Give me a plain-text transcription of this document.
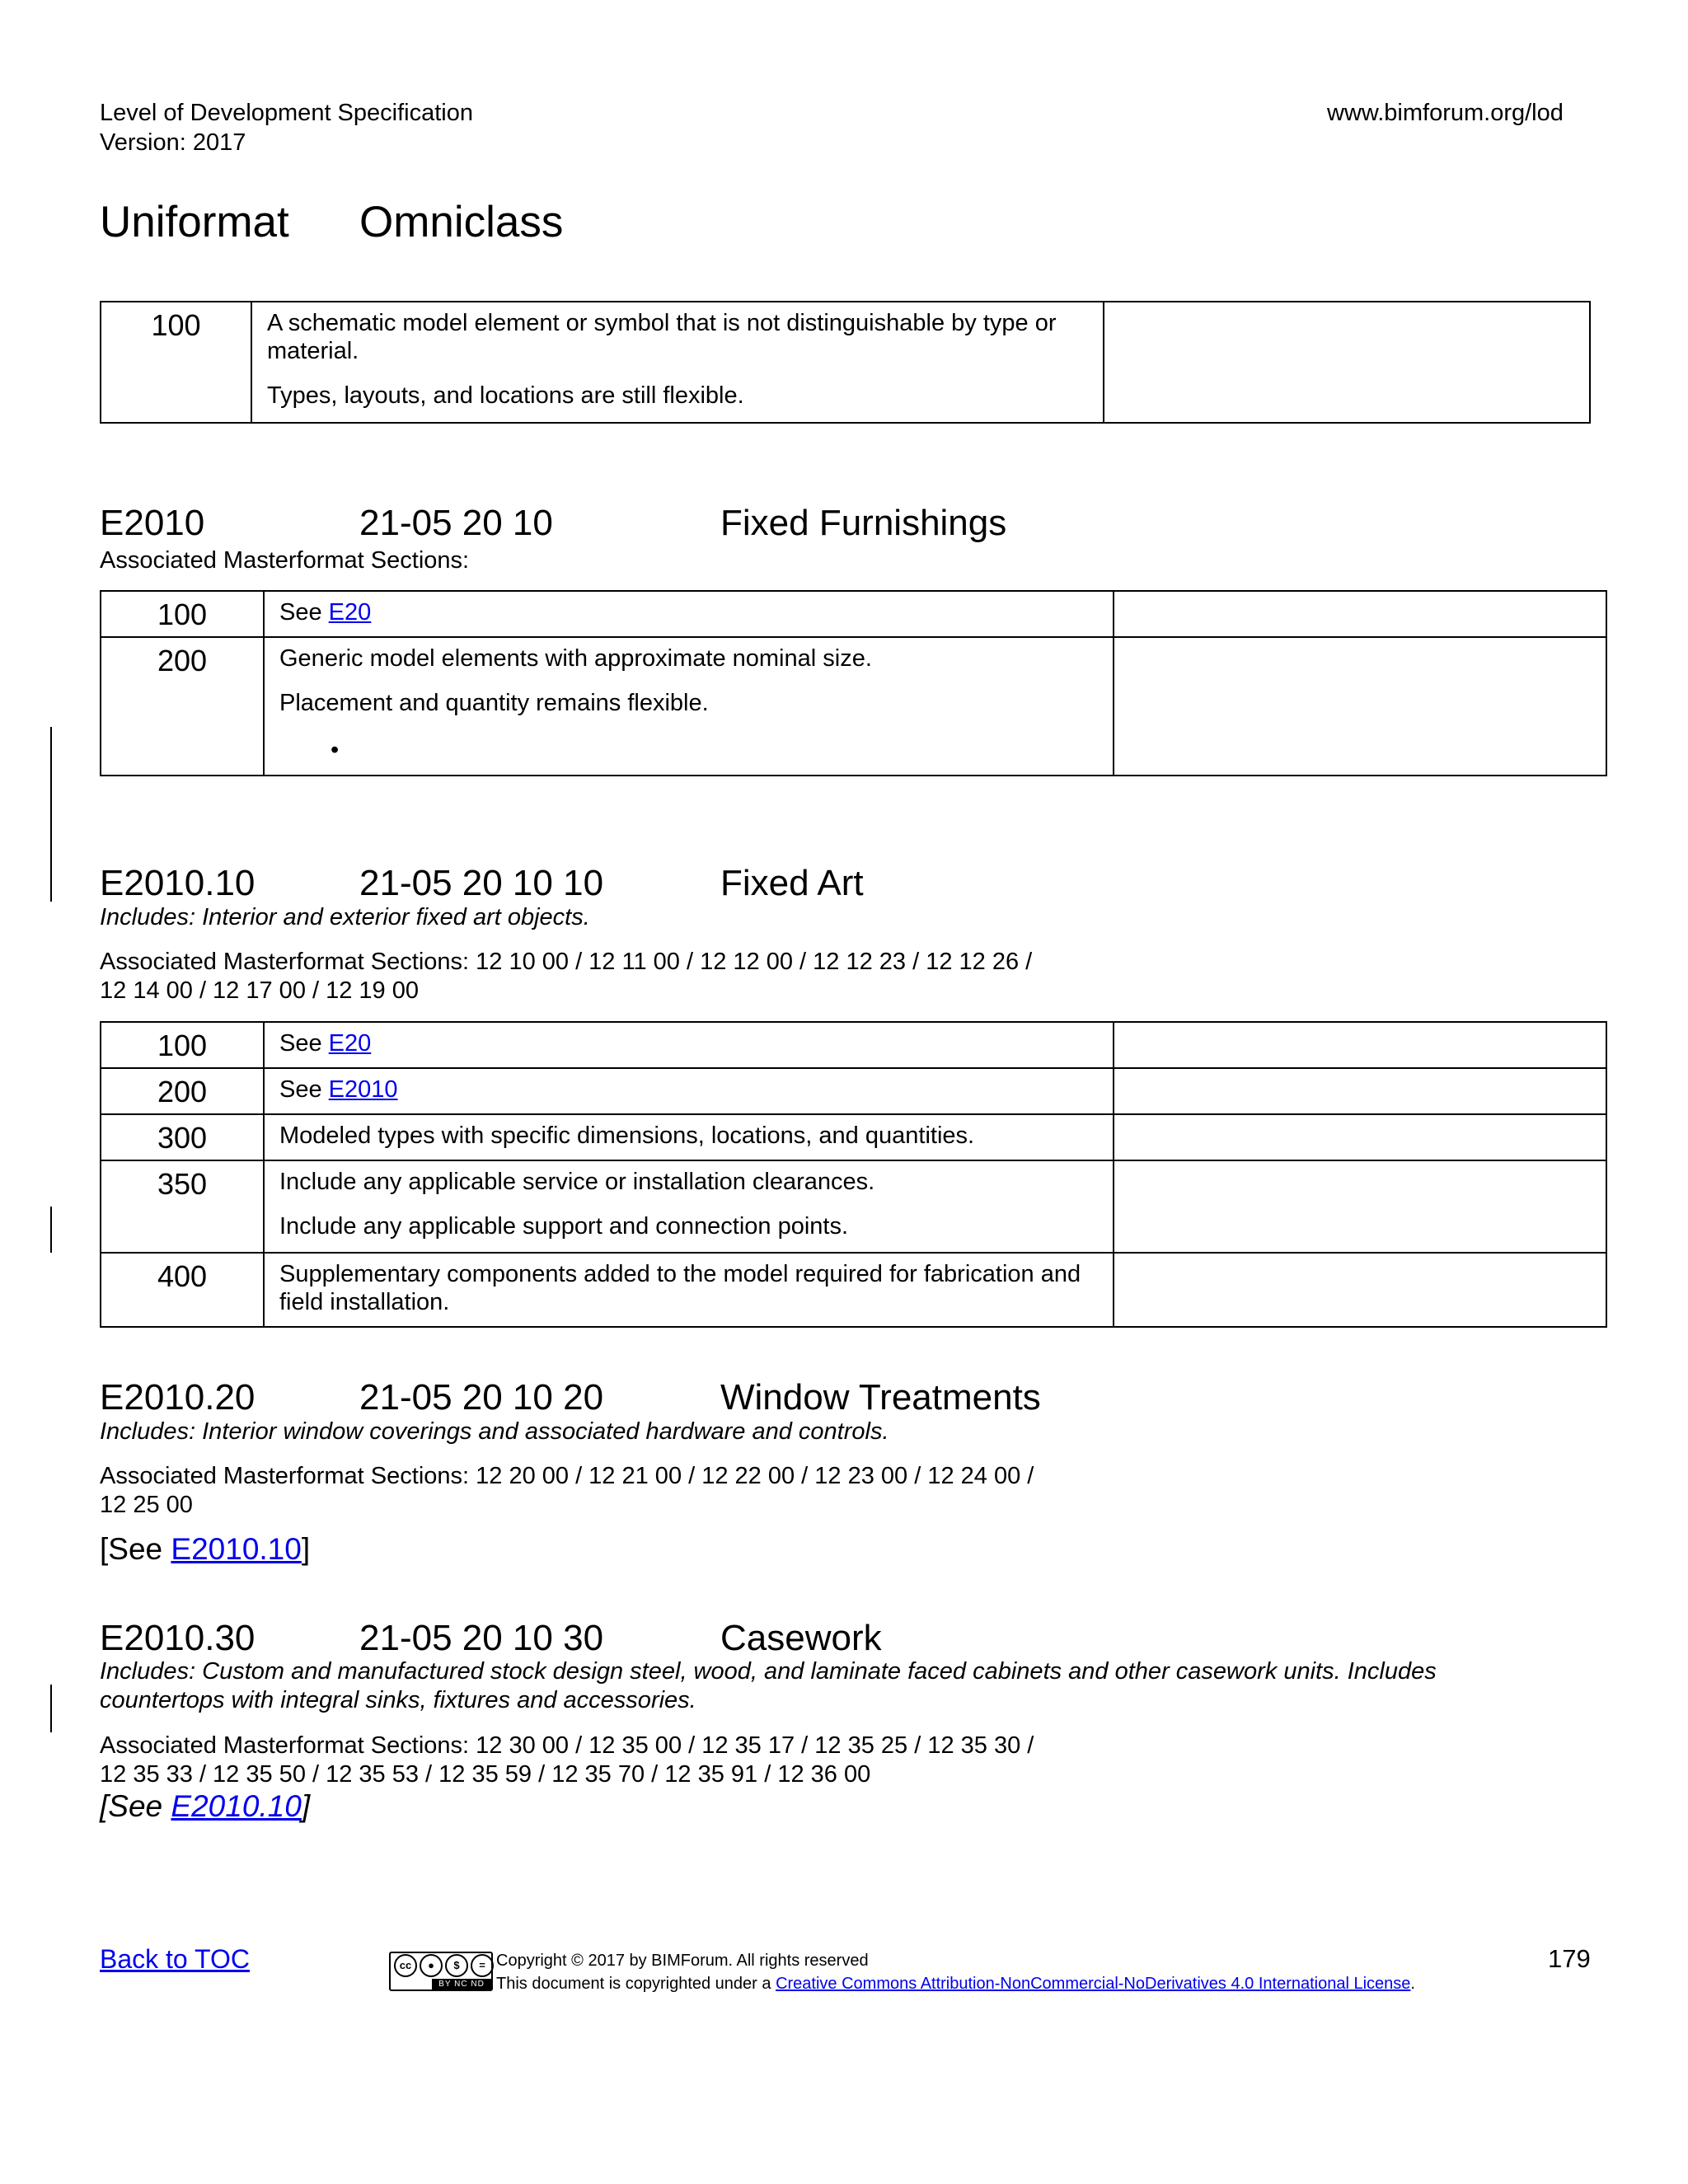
Level of Development Specification
Version: 2017
www.bimforum.org/lod
Uniformat Omniclass
100	A schematic model element or symbol that is not distinguishable by type or material.

Types, layouts, and locations are still flexible.

E2010	21-05 20 10	Fixed Furnishings
Associated Masterformat Sections:
100	See E20	
200	Generic model elements with approximate nominal size.

Placement and quantity remains flexible.

•	

E2010.10	21-05 20 10 10	Fixed Art
Includes: Interior and exterior fixed art objects.
Associated Masterformat Sections: 12 10 00 / 12 11 00 / 12 12 00 / 12 12 23 / 12 12 26 /
12 14 00 / 12 17 00 / 12 19 00
100	See E20	
200	See E2010	
300	Modeled types with specific dimensions, locations, and quantities.	

350	Include any applicable service or installation clearances.

Include any applicable support and connection points.	

400	Supplementary components added to the model required for fabrication and field installation.	

E2010.20	21-05 20 10 20	Window Treatments
Includes: Interior window coverings and associated hardware and controls.
Associated Masterformat Sections: 12 20 00 / 12 21 00 / 12 22 00 / 12 23 00 / 12 24 00 /
12 25 00
[See E2010.10]
E2010.30	21-05 20 10 30	Casework
Includes: Custom and manufactured stock design steel, wood, and laminate faced cabinets and other casework units. Includes
countertops with integral sinks, fixtures and accessories.
Associated Masterformat Sections: 12 30 00 / 12 35 00 / 12 35 17 / 12 35 25 / 12 35 30 /
12 35 33 / 12 35 50 / 12 35 53 / 12 35 59 / 12 35 70 / 12 35 91 / 12 36 00
[See E2010.10]
Back to TOC	cc	●	$	=
BY NC ND
Copyright © 2017 by BIMForum. All rights reserved
This document is copyrighted under a Creative Commons Attribution-NonCommercial-NoDerivatives 4.0 International License.
179
